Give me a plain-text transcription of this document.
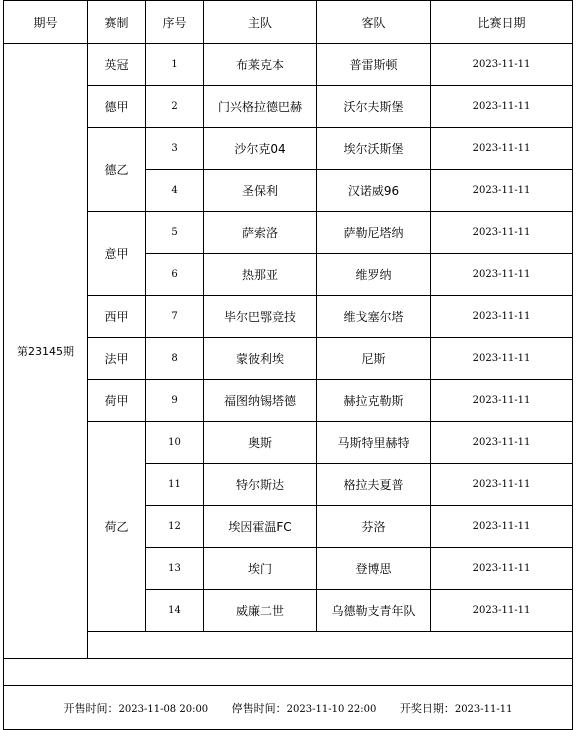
期号	赛制	序号	主队	客队	比赛日期
第23145期	英冠	1	布莱克本	普雷斯顿	2023-11-11
	德甲	2	门兴格拉德巴赫	沃尔夫斯堡	2023-11-11
	德乙	3	沙尔克04	埃尔沃斯堡	2023-11-11
		4	圣保利	汉诺威96	2023-11-11
	意甲	5	萨索洛	萨勒尼塔纳	2023-11-11
		6	热那亚	维罗纳	2023-11-11
	西甲	7	毕尔巴鄂竞技	维戈塞尔塔	2023-11-11
	法甲	8	蒙彼利埃	尼斯	2023-11-11
	荷甲	9	福图纳锡塔德	赫拉克勒斯	2023-11-11
	荷乙	10	奥斯	马斯特里赫特	2023-11-11
		11	特尔斯达	格拉夫夏普	2023-11-11
		12	埃因霍温FC	芬洛	2023-11-11
		13	埃门	登博思	2023-11-11
		14	威廉二世	乌德勒支青年队	2023-11-11

开售时间：2023-11-08 20:00 停售时间：2023-11-10 22:00 开奖日期：2023-11-11					
